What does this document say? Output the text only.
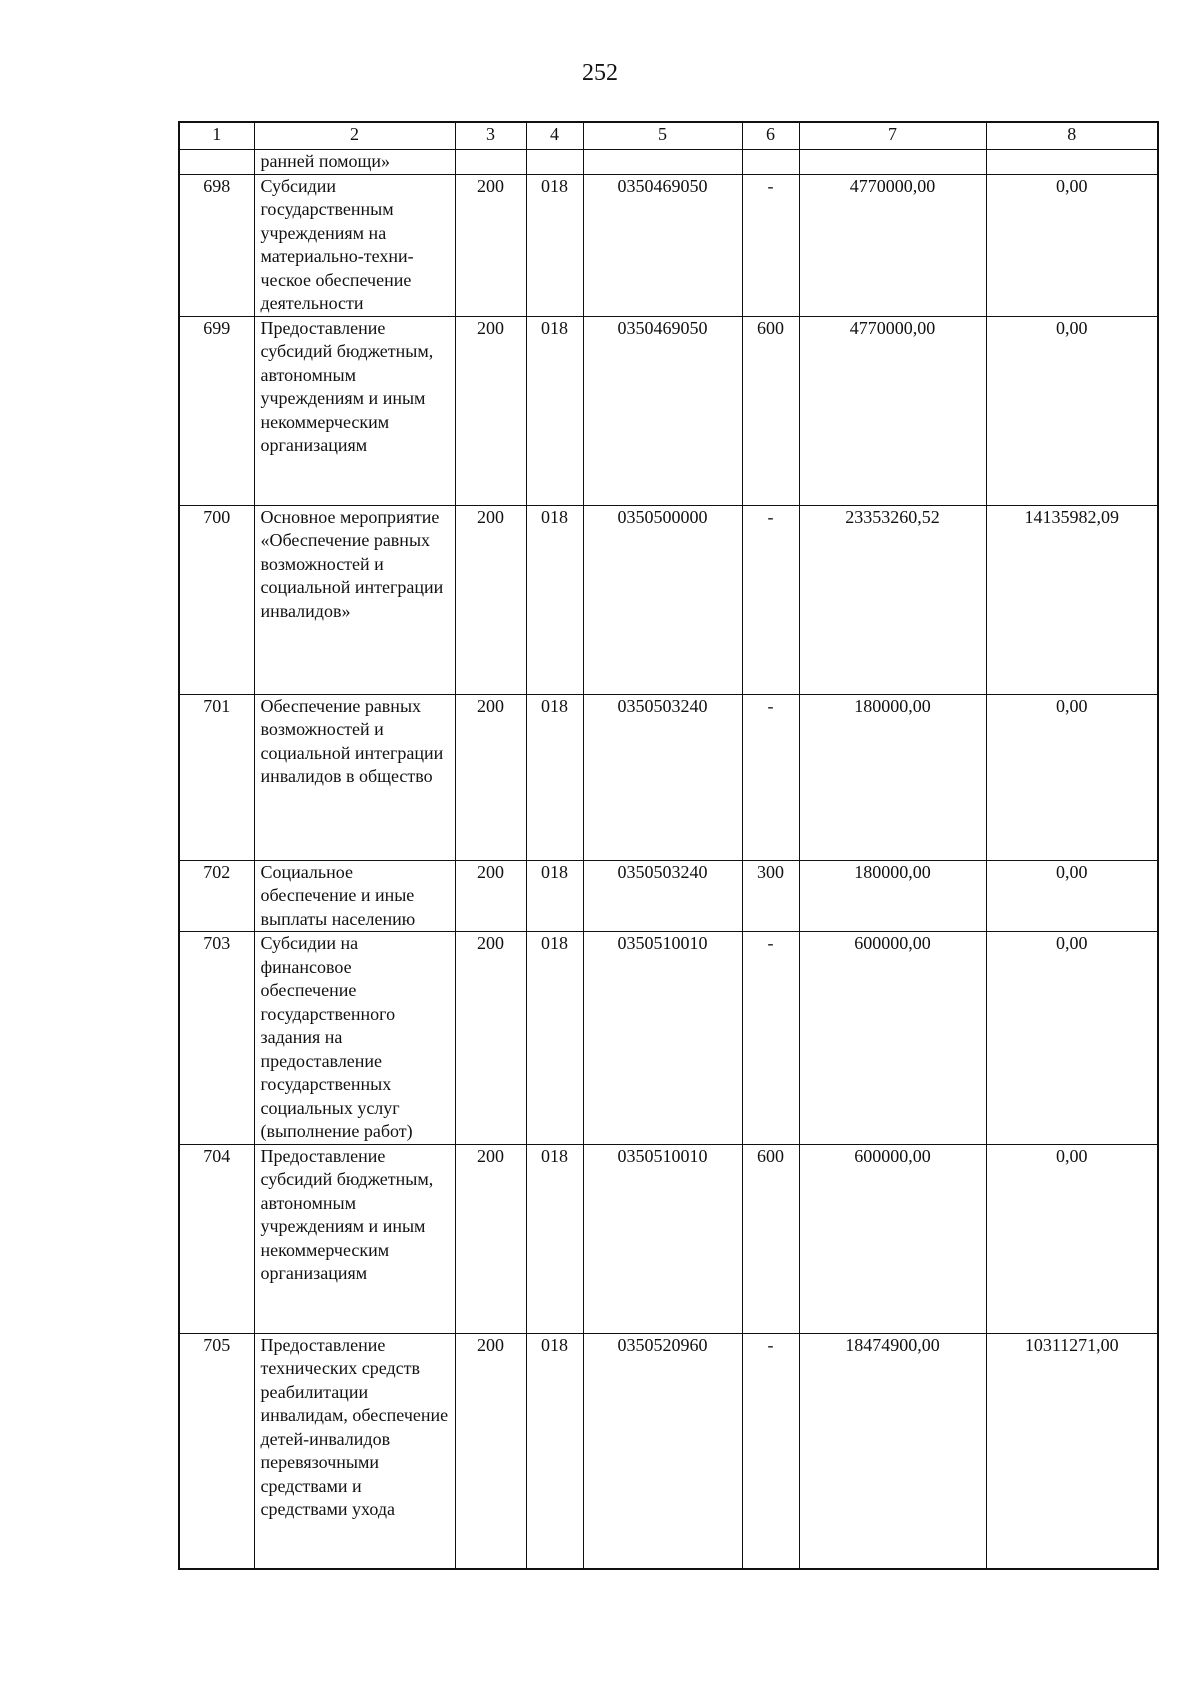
252
1	2	3	4	5	6	7	8
	ранней помощи»						
698	Субсидии государственным учреждениям на материально-техни-ческое обеспечение деятельности	200	018	0350469050	-	4770000,00	0,00
699	Предоставление субсидий бюджетным, автономным учреждениям и иным некоммерческим организациям	200	018	0350469050	600	4770000,00	0,00
700	Основное мероприятие «Обеспечение равных возможностей и социальной интеграции инвалидов»	200	018	0350500000	-	23353260,52	14135982,09
701	Обеспечение равных возможностей и социальной интеграции инвалидов в общество	200	018	0350503240	-	180000,00	0,00
702	Социальное обеспечение и иные выплаты населению	200	018	0350503240	300	180000,00	0,00
703	Субсидии на финансовое обеспечение государственного задания на предоставление государственных социальных услуг (выполнение работ)	200	018	0350510010	-	600000,00	0,00
704	Предоставление субсидий бюджетным, автономным учреждениям и иным некоммерческим организациям	200	018	0350510010	600	600000,00	0,00
705	Предоставление технических средств реабилитации инвалидам, обеспечение детей-инвалидов перевязочными средствами и средствами ухода	200	018	0350520960	-	18474900,00	10311271,00
